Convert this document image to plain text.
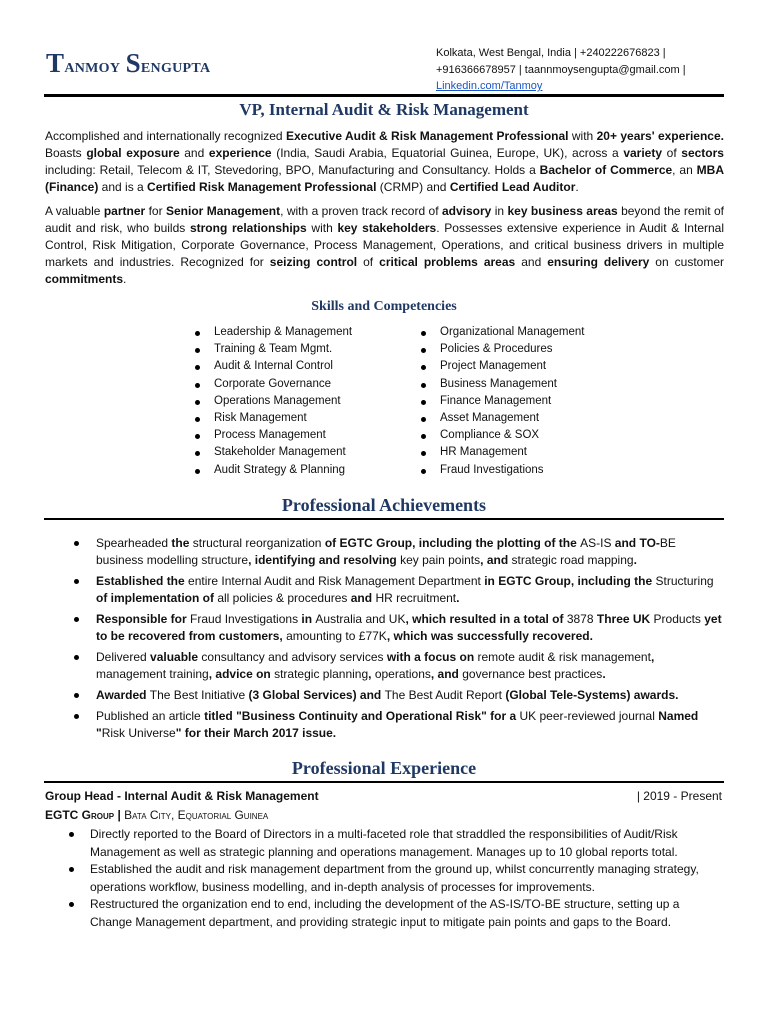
Tanmoy Sengupta
Kolkata, West Bengal, India | +240222676823 |
+916366678957 | taannmoysengupta@gmail.com |
Linkedin.com/Tanmoy
VP, Internal Audit & Risk Management
Accomplished and internationally recognized Executive Audit & Risk Management Professional with 20+ years' experience. Boasts global exposure and experience (India, Saudi Arabia, Equatorial Guinea, Europe, UK), across a variety of sectors including: Retail, Telecom & IT, Stevedoring, BPO, Manufacturing and Consultancy. Holds a Bachelor of Commerce, an MBA (Finance) and is a Certified Risk Management Professional (CRMP) and Certified Lead Auditor.
A valuable partner for Senior Management, with a proven track record of advisory in key business areas beyond the remit of audit and risk, who builds strong relationships with key stakeholders. Possesses extensive experience in Audit & Internal Control, Risk Mitigation, Corporate Governance, Process Management, Operations, and critical business drivers in multiple markets and industries. Recognized for seizing control of critical problems areas and ensuring delivery on customer commitments.
Skills and Competencies
Leadership & Management
Training & Team Mgmt.
Audit & Internal Control
Corporate Governance
Operations Management
Risk Management
Process Management
Stakeholder Management
Audit Strategy & Planning
Organizational Management
Policies & Procedures
Project Management
Business Management
Finance Management
Asset Management
Compliance & SOX
HR Management
Fraud Investigations
Professional Achievements
Spearheaded the structural reorganization of EGTC Group, including the plotting of the AS-IS and TO-BE business modelling structure, identifying and resolving key pain points, and strategic road mapping.
Established the entire Internal Audit and Risk Management Department in EGTC Group, including the Structuring of implementation of all policies & procedures and HR recruitment.
Responsible for Fraud Investigations in Australia and UK, which resulted in a total of 3878 Three UK Products yet to be recovered from customers, amounting to £77K, which was successfully recovered.
Delivered valuable consultancy and advisory services with a focus on remote audit & risk management, management training, advice on strategic planning, operations, and governance best practices.
Awarded The Best Initiative (3 Global Services) and The Best Audit Report (Global Tele-Systems) awards.
Published an article titled "Business Continuity and Operational Risk" for a UK peer-reviewed journal Named "Risk Universe" for their March 2017 issue.
Professional Experience
Group Head - Internal Audit & Risk Management	| 2019 - Present
EGTC Group | Bata City, Equatorial Guinea
Directly reported to the Board of Directors in a multi-faceted role that straddled the responsibilities of Audit/Risk Management as well as strategic planning and operations management. Manages up to 10 global reports total.
Established the audit and risk management department from the ground up, whilst concurrently managing strategy, operations workflow, business modelling, and in-depth analysis of processes for improvements.
Restructured the organization end to end, including the development of the AS-IS/TO-BE structure, setting up a Change Management department, and providing strategic input to mitigate pain points and gaps to the Board.
